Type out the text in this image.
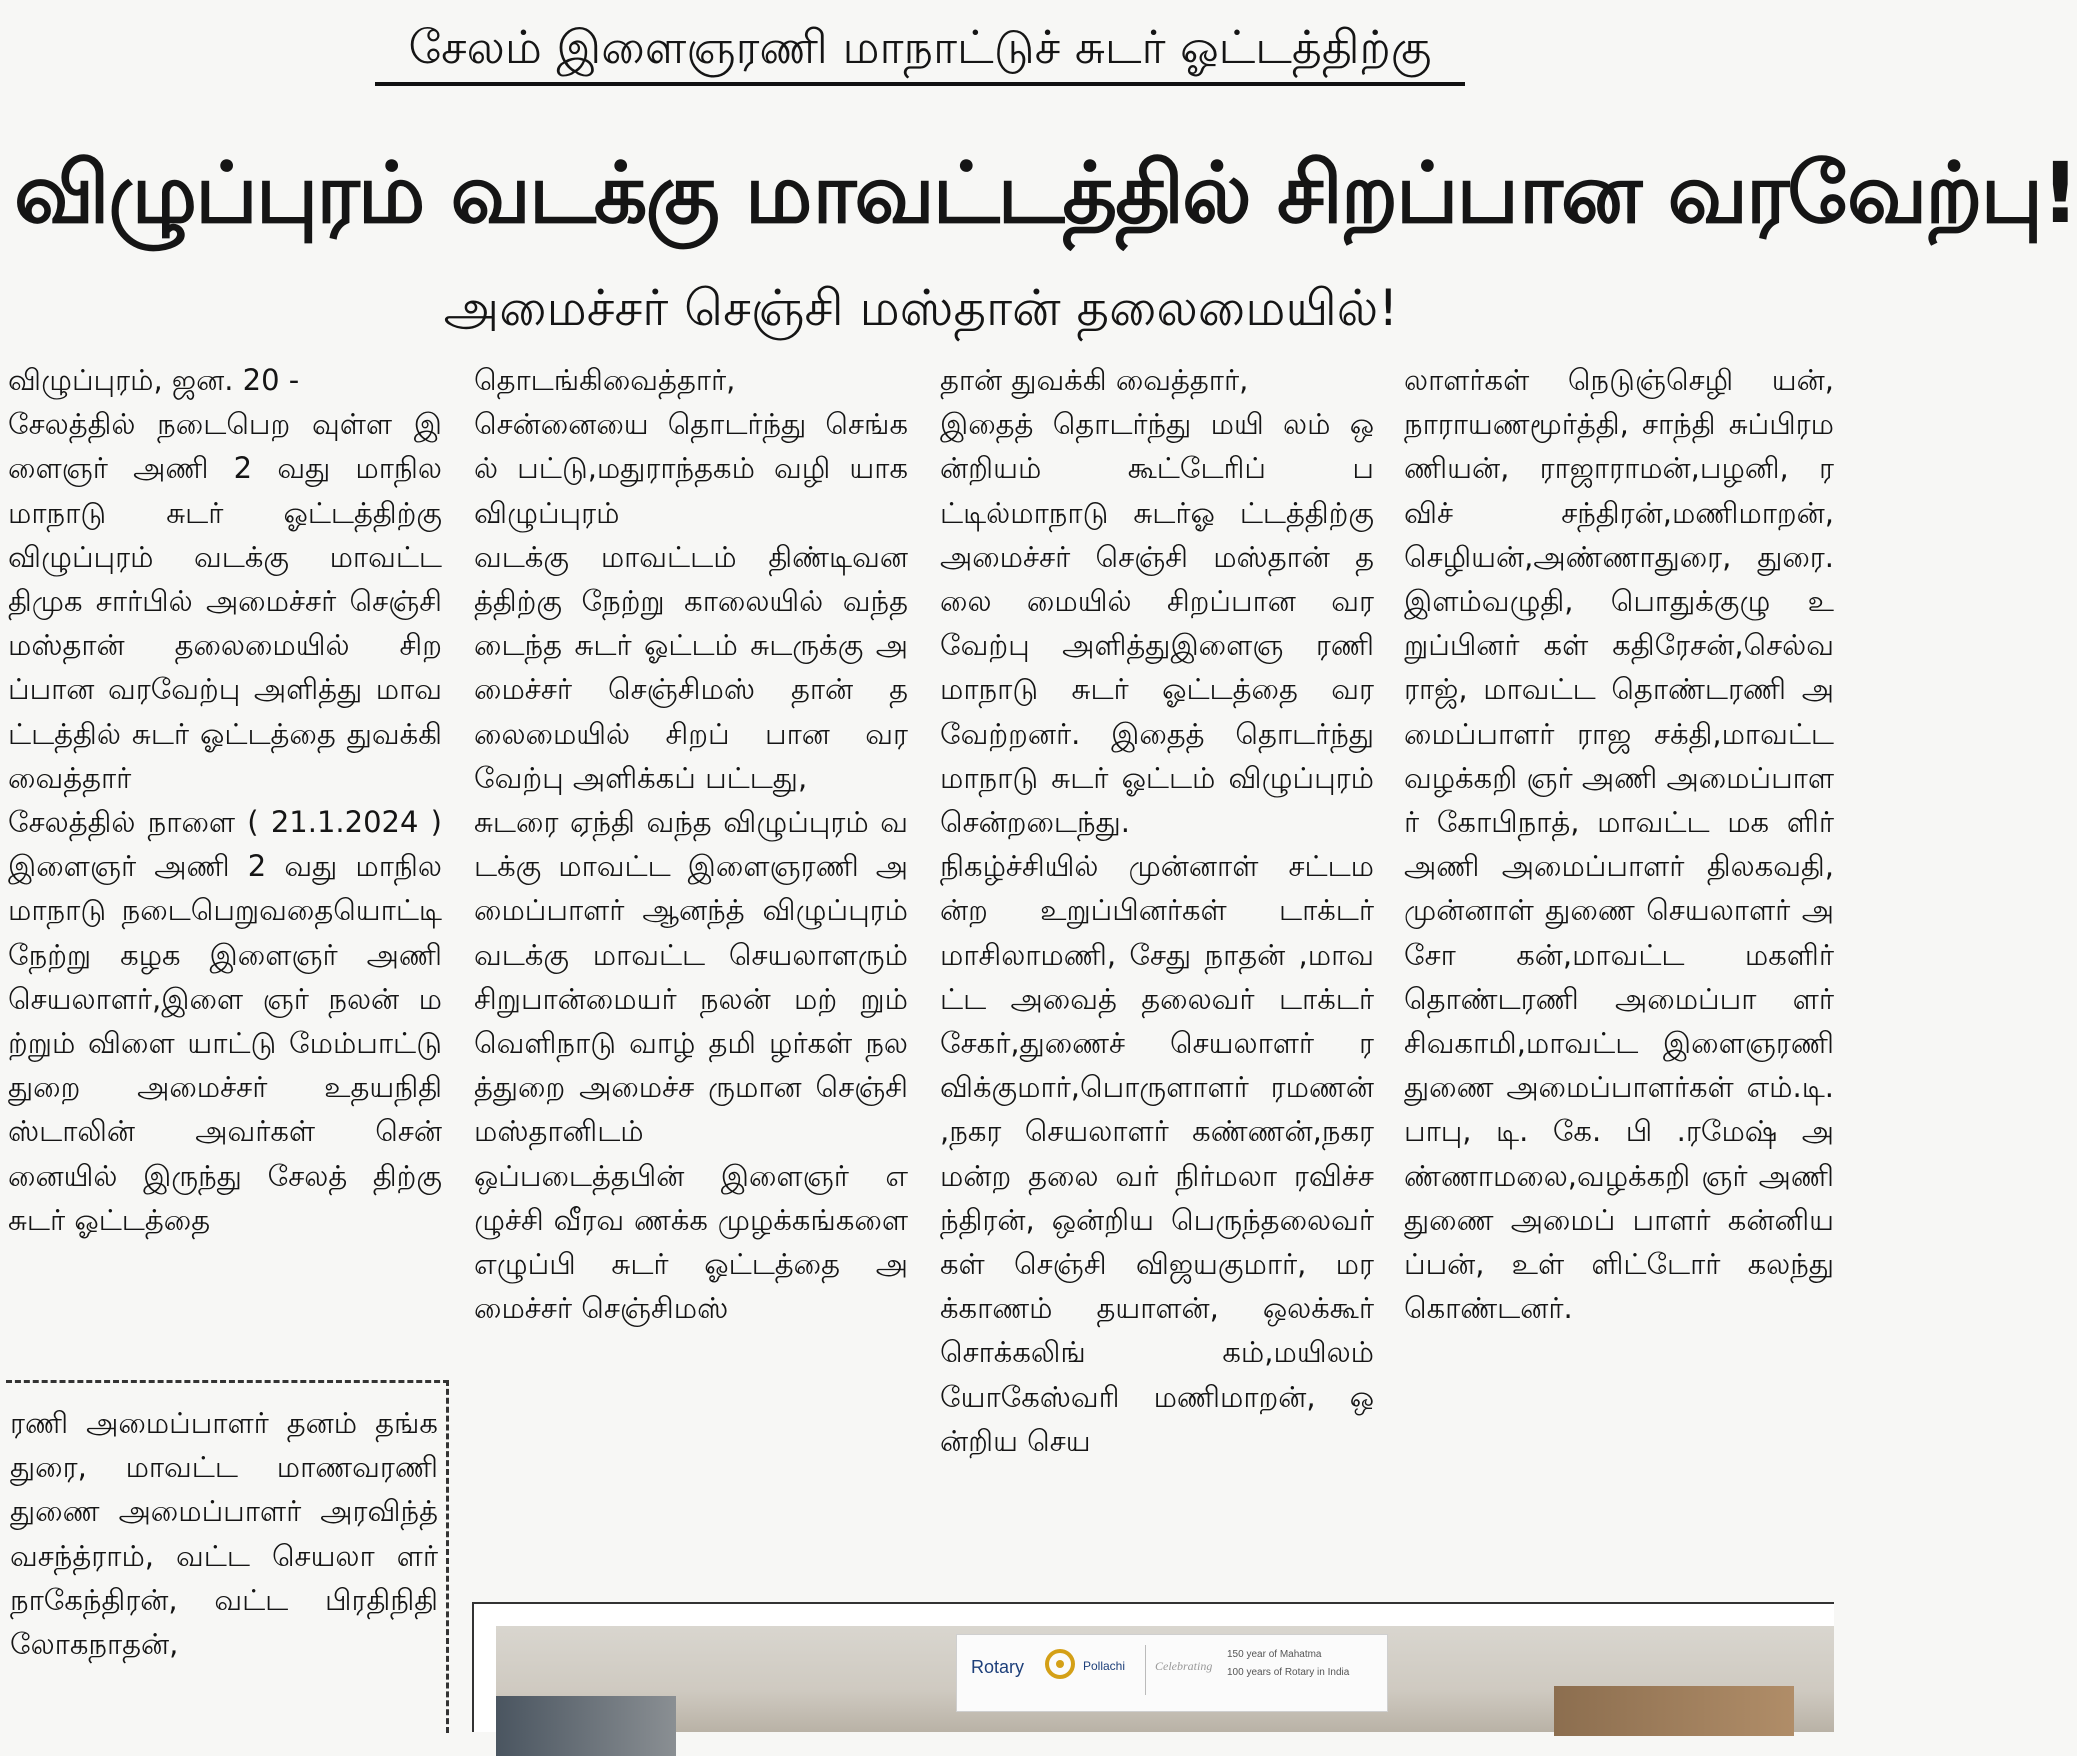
சேலம் இளைஞரணி மாநாட்டுச் சுடர் ஓட்டத்திற்கு
விழுப்புரம் வடக்கு மாவட்டத்தில் சிறப்பான வரவேற்பு!
அமைச்சர் செஞ்சி மஸ்தான் தலைமையில்!
விழுப்புரம், ஜன. 20 -
சேலத்தில் நடைபெற வுள்ள இளைஞர் அணி 2 வது மாநில மாநாடு சுடர் ஓட்டத்திற்கு விழுப்புரம் வடக்கு மாவட்ட திமுக சார்பில் அமைச்சர் செஞ்சி மஸ்தான் தலைமையில் சிறப்பான வரவேற்பு அளித்து மாவட்டத்தில் சுடர் ஓட்டத்தை துவக்கி வைத்தார்
சேலத்தில் நாளை ( 21.1.2024 ) இளைஞர் அணி 2 வது மாநில மாநாடு நடைபெறுவதையொட்டி நேற்று கழக இளைஞர் அணி செயலாளர்,இளை ஞர் நலன் மற்றும் விளை யாட்டு மேம்பாட்டு துறை அமைச்சர் உதயநிதி ஸ்டாலின் அவர்கள் சென் னையில் இருந்து சேலத் திற்கு சுடர் ஓட்டத்தை
ரணி அமைப்பாளர் தனம் தங்கதுரை, மாவட்ட மாணவரணி துணை அமைப்பாளர் அரவிந்த் வசந்த்ராம், வட்ட செயலா ளர் நாகேந்திரன், வட்ட பிரதிநிதி லோகநாதன்,
தொடங்கிவைத்தார்,
சென்னையை தொடர்ந்து செங்கல் பட்டு,மதுராந்தகம் வழி யாக விழுப்புரம்
வடக்கு மாவட்டம் திண்டிவனத்திற்கு நேற்று காலையில் வந்தடைந்த சுடர் ஓட்டம் சுடருக்கு அமைச்சர் செஞ்சிமஸ் தான் தலைமையில் சிறப் பான வரவேற்பு அளிக்கப் பட்டது,
சுடரை ஏந்தி வந்த விழுப்புரம் வடக்கு மாவட்ட இளைஞரணி அமைப்பாளர் ஆனந்த் விழுப்புரம் வடக்கு மாவட்ட செயலாளரும் சிறுபான்மையர் நலன் மற் றும் வெளிநாடு வாழ் தமி ழர்கள் நலத்துறை அமைச்ச ருமான செஞ்சி மஸ்தானிடம்
ஒப்படைத்தபின் இளைஞர் எழுச்சி வீரவ ணக்க முழக்கங்களை எழுப்பி சுடர் ஓட்டத்தை அமைச்சர் செஞ்சிமஸ்
தான் துவக்கி வைத்தார்,
இதைத் தொடர்ந்து மயி லம் ஒன்றியம் கூட்டேரிப் பட்டில்மாநாடு சுடர்ஓ ட்டத்திற்கு அமைச்சர் செஞ்சி மஸ்தான் தலை மையில் சிறப்பான வர வேற்பு அளித்துஇளைஞ ரணி மாநாடு சுடர் ஓட்டத்தை வரவேற்றனர். இதைத் தொடர்ந்து மாநாடு சுடர் ஓட்டம் விழுப்புரம் சென்றடைந்து.
நிகழ்ச்சியில் முன்னாள் சட்டமன்ற உறுப்பினர்கள் டாக்டர் மாசிலாமணி, சேது நாதன் ,மாவட்ட அவைத் தலைவர் டாக்டர் சேகர்,துணைச் செயலாளர் ரவிக்குமார்,பொருளாளர் ரமணன் ,நகர செயலாளர் கண்ணன்,நகர மன்ற தலை வர் நிர்மலா ரவிச்சந்திரன், ஒன்றிய பெருந்தலைவர் கள் செஞ்சி விஜயகுமார், மரக்காணம் தயாளன், ஒலக்கூர் சொக்கலிங் கம்,மயிலம் யோகேஸ்வரி மணிமாறன், ஒன்றிய செய
லாளர்கள் நெடுஞ்செழி யன்,நாராயணமூர்த்தி, சாந்தி சுப்பிரமணியன், ராஜாராமன்,பழனி, ரவிச் சந்திரன்,மணிமாறன், செழியன்,அண்ணாதுரை, துரை. இளம்வழுதி, பொதுக்குழு உறுப்பினர் கள் கதிரேசன்,செல்வராஜ், மாவட்ட தொண்டரணி அமைப்பாளர் ராஜ சக்தி,மாவட்ட வழக்கறி ஞர் அணி அமைப்பாளர் கோபிநாத், மாவட்ட மக ளிர் அணி அமைப்பாளர் திலகவதி, முன்னாள் துணை செயலாளர் அசோ கன்,மாவட்ட மகளிர் தொண்டரணி அமைப்பா ளர் சிவகாமி,மாவட்ட இளைஞரணி துணை அமைப்பாளர்கள் எம்.டி. பாபு, டி. கே. பி .ரமேஷ் அண்ணாமலை,வழக்கறி ஞர் அணி துணை அமைப் பாளர் கன்னியப்பன், உள் ளிட்டோர் கலந்து கொண்டனர்.
Rotary	Pollachi Celebrating
150 year of Mahatma
100 years of Rotary in India
